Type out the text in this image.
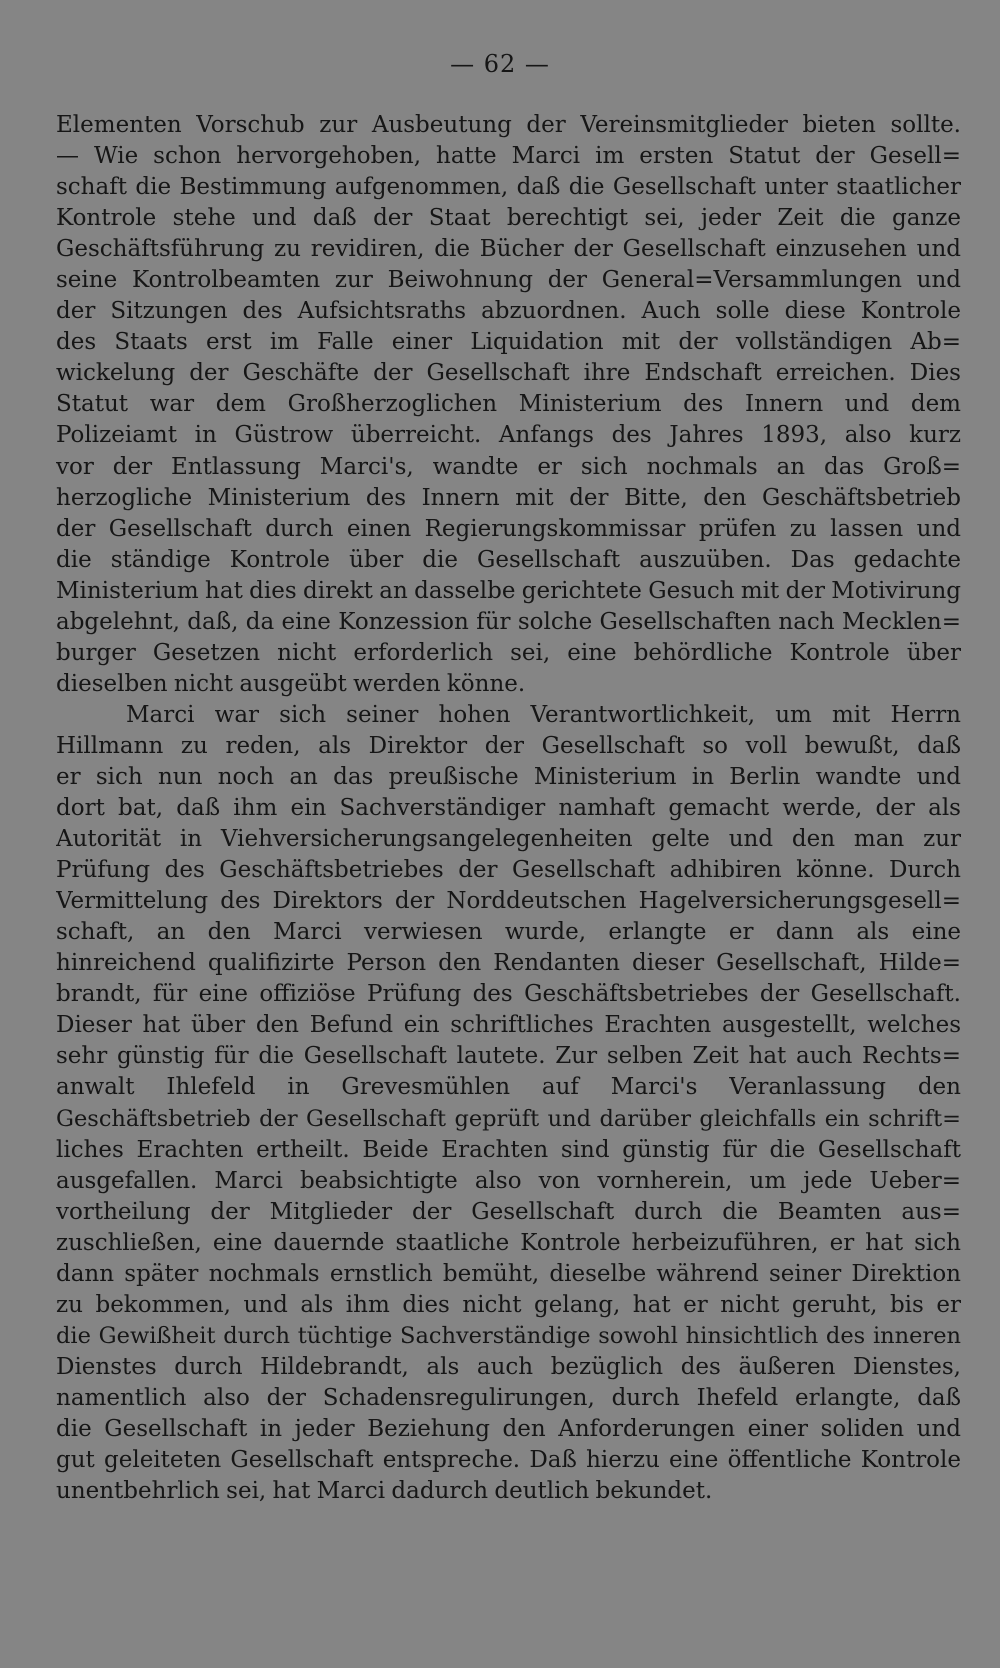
— 62 —
Elementen Vorschub zur Ausbeutung der Vereinsmitglieder bieten sollte.
— Wie schon hervorgehoben, hatte Marci im ersten Statut der Gesell=
schaft die Bestimmung aufgenommen, daß die Gesellschaft unter staatlicher
Kontrole stehe und daß der Staat berechtigt sei, jeder Zeit die ganze
Geschäftsführung zu revidiren, die Bücher der Gesellschaft einzusehen und
seine Kontrolbeamten zur Beiwohnung der General=Versammlungen und
der Sitzungen des Aufsichtsraths abzuordnen. Auch solle diese Kontrole
des Staats erst im Falle einer Liquidation mit der vollständigen Ab=
wickelung der Geschäfte der Gesellschaft ihre Endschaft erreichen. Dies
Statut war dem Großherzoglichen Ministerium des Innern und dem
Polizeiamt in Güstrow überreicht. Anfangs des Jahres 1893, also kurz
vor der Entlassung Marci's, wandte er sich nochmals an das Groß=
herzogliche Ministerium des Innern mit der Bitte, den Geschäftsbetrieb
der Gesellschaft durch einen Regierungskommissar prüfen zu lassen und
die ständige Kontrole über die Gesellschaft auszuüben. Das gedachte
Ministerium hat dies direkt an dasselbe gerichtete Gesuch mit der Motivirung
abgelehnt, daß, da eine Konzession für solche Gesellschaften nach Mecklen=
burger Gesetzen nicht erforderlich sei, eine behördliche Kontrole über
dieselben nicht ausgeübt werden könne.
Marci war sich seiner hohen Verantwortlichkeit, um mit Herrn
Hillmann zu reden, als Direktor der Gesellschaft so voll bewußt, daß
er sich nun noch an das preußische Ministerium in Berlin wandte und
dort bat, daß ihm ein Sachverständiger namhaft gemacht werde, der als
Autorität in Viehversicherungsangelegenheiten gelte und den man zur
Prüfung des Geschäftsbetriebes der Gesellschaft adhibiren könne. Durch
Vermittelung des Direktors der Norddeutschen Hagelversicherungsgesell=
schaft, an den Marci verwiesen wurde, erlangte er dann als eine
hinreichend qualifizirte Person den Rendanten dieser Gesellschaft, Hilde=
brandt, für eine offiziöse Prüfung des Geschäftsbetriebes der Gesellschaft.
Dieser hat über den Befund ein schriftliches Erachten ausgestellt, welches
sehr günstig für die Gesellschaft lautete. Zur selben Zeit hat auch Rechts=
anwalt Ihlefeld in Grevesmühlen auf Marci's Veranlassung den
Geschäftsbetrieb der Gesellschaft geprüft und darüber gleichfalls ein schrift=
liches Erachten ertheilt. Beide Erachten sind günstig für die Gesellschaft
ausgefallen. Marci beabsichtigte also von vornherein, um jede Ueber=
vortheilung der Mitglieder der Gesellschaft durch die Beamten aus=
zuschließen, eine dauernde staatliche Kontrole herbeizuführen, er hat sich
dann später nochmals ernstlich bemüht, dieselbe während seiner Direktion
zu bekommen, und als ihm dies nicht gelang, hat er nicht geruht, bis er
die Gewißheit durch tüchtige Sachverständige sowohl hinsichtlich des inneren
Dienstes durch Hildebrandt, als auch bezüglich des äußeren Dienstes,
namentlich also der Schadensregulirungen, durch Ihefeld erlangte, daß
die Gesellschaft in jeder Beziehung den Anforderungen einer soliden und
gut geleiteten Gesellschaft entspreche. Daß hierzu eine öffentliche Kontrole
unentbehrlich sei, hat Marci dadurch deutlich bekundet.
